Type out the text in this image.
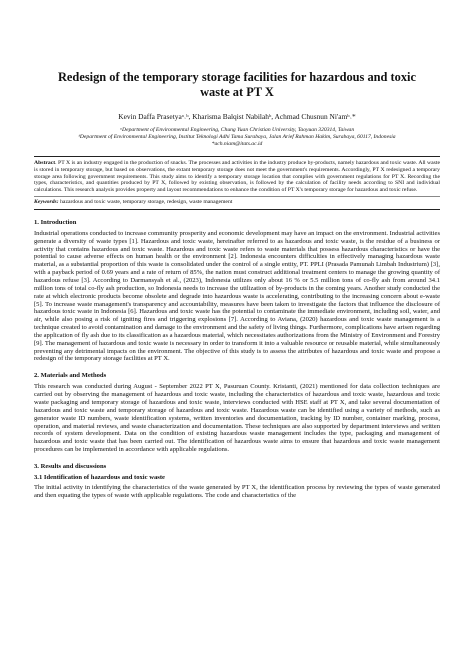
Redesign of the temporary storage facilities for hazardous and toxic waste at PT X
Kevin Daffa Prasetyaᵃ˒ᵇ, Kharisma Balqist Nabilahᵇ, Achmad Chusnun Ni'amᵇ˒*
ᵃDepartment of Environmental Engineering, Chung Yuan Christian University, Taoyuan 320314, Taiwan
ᵇDepartment of Environmental Engineering, Institut Teknologi Adhi Tama Surabaya, Jalan Arief Rahman Hakim, Surabaya, 60117, Indonesia
*ach.niam@itats.ac.id
Abstract. PT X is an industry engaged in the production of snacks. The processes and activities in the industry produce by-products, namely hazardous and toxic waste. All waste is stored in temporary storage, but based on observations, the extant temporary storage does not meet the government's requirements. Accordingly, PT X redesigned a temporary storage area following government requirements. This study aims to identify a temporary storage location that complies with government regulations for PT X. Recording the types, characteristics, and quantities produced by PT X, followed by existing observation, is followed by the calculation of facility needs according to SNI and individual calculations. This research analysis provides property and layout recommendations to enhance the condition of PT X's temporary storage for hazardous and toxic refuse.
Keywords: hazardous and toxic waste, temporary storage, redesign, waste management
1. Introduction

Industrial operations conducted to increase community prosperity and economic development may have an impact on the environment. Industrial activities generate a diversity of waste types [1]. Hazardous and toxic waste, hereinafter referred to as hazardous and toxic waste, is the residue of a business or activity that contains hazardous and toxic waste. Hazardous and toxic waste refers to waste materials that possess hazardous characteristics or have the potential to cause adverse effects on human health or the environment [2]. Indonesia encounters difficulties in effectively managing hazardous waste material, as a substantial proportion of this waste is consolidated under the control of a single entity, PT. PPLI (Prasada Pamunah Limbah Industrium) [3], with a payback period of 0.69 years and a rate of return of 85%, the nation must construct additional treatment centers to manage the growing quantity of hazardous refuse [3]. According to Darmansyah et al., (2023), Indonesia utilizes only about 16 % or 5.5 million tons of co-fly ash from around 34.1 million tons of total co-fly ash production, so Indonesia needs to increase the utilization of by-products in the coming years. Another study conducted the rate at which electronic products become obsolete and degrade into hazardous waste is accelerating, contributing to the increasing concern about e-waste [5]. To increase waste management's transparency and accountability, measures have been taken to investigate the factors that influence the disclosure of hazardous toxic waste in Indonesia [6]. Hazardous and toxic waste has the potential to contaminate the immediate environment, including soil, water, and air, while also posing a risk of igniting fires and triggering explosions [7]. According to Aviana, (2020) hazardous and toxic waste management is a technique created to avoid contamination and damage to the environment and the safety of living things. Furthermore, complications have arisen regarding the application of fly ash due to its classification as a hazardous material, which necessitates authorizations from the Ministry of Environment and Forestry [9]. The management of hazardous and toxic waste is necessary in order to transform it into a valuable resource or reusable material, while simultaneously preventing any detrimental impacts on the environment. The objective of this study is to assess the attributes of hazardous and toxic waste and propose a redesign of the temporary storage facilities at PT X.

2. Materials and Methods

This research was conducted during August - September 2022 PT X, Pasuruan County. Kristanti, (2021) mentioned for data collection techniques are carried out by observing the management of hazardous and toxic waste, including the characteristics of hazardous and toxic waste, hazardous and toxic waste packaging and temporary storage of hazardous and toxic waste, interviews conducted with HSE staff at PT X, and take several documentation of hazardous and toxic waste and temporary storage of hazardous and toxic waste. Hazardous waste can be identified using a variety of methods, such as generator waste ID numbers, waste identification systems, written inventories and documentation, tracking by ID number, container marking, process, operation, and material reviews, and waste characterization and documentation. These techniques are also supported by department interviews and written records of system development. Data on the condition of existing hazardous waste management includes the type, packaging and management of hazardous and toxic waste that has been carried out. The identification of hazardous waste aims to ensure that hazardous and toxic waste management procedures can be implemented in accordance with applicable regulations.

3. Results and discussions
3.1 Identification of hazardous and toxic waste

The initial activity in identifying the characteristics of the waste generated by PT X, the identification process by reviewing the types of waste generated and then equating the types of waste with applicable regulations. The code and characteristics of the
